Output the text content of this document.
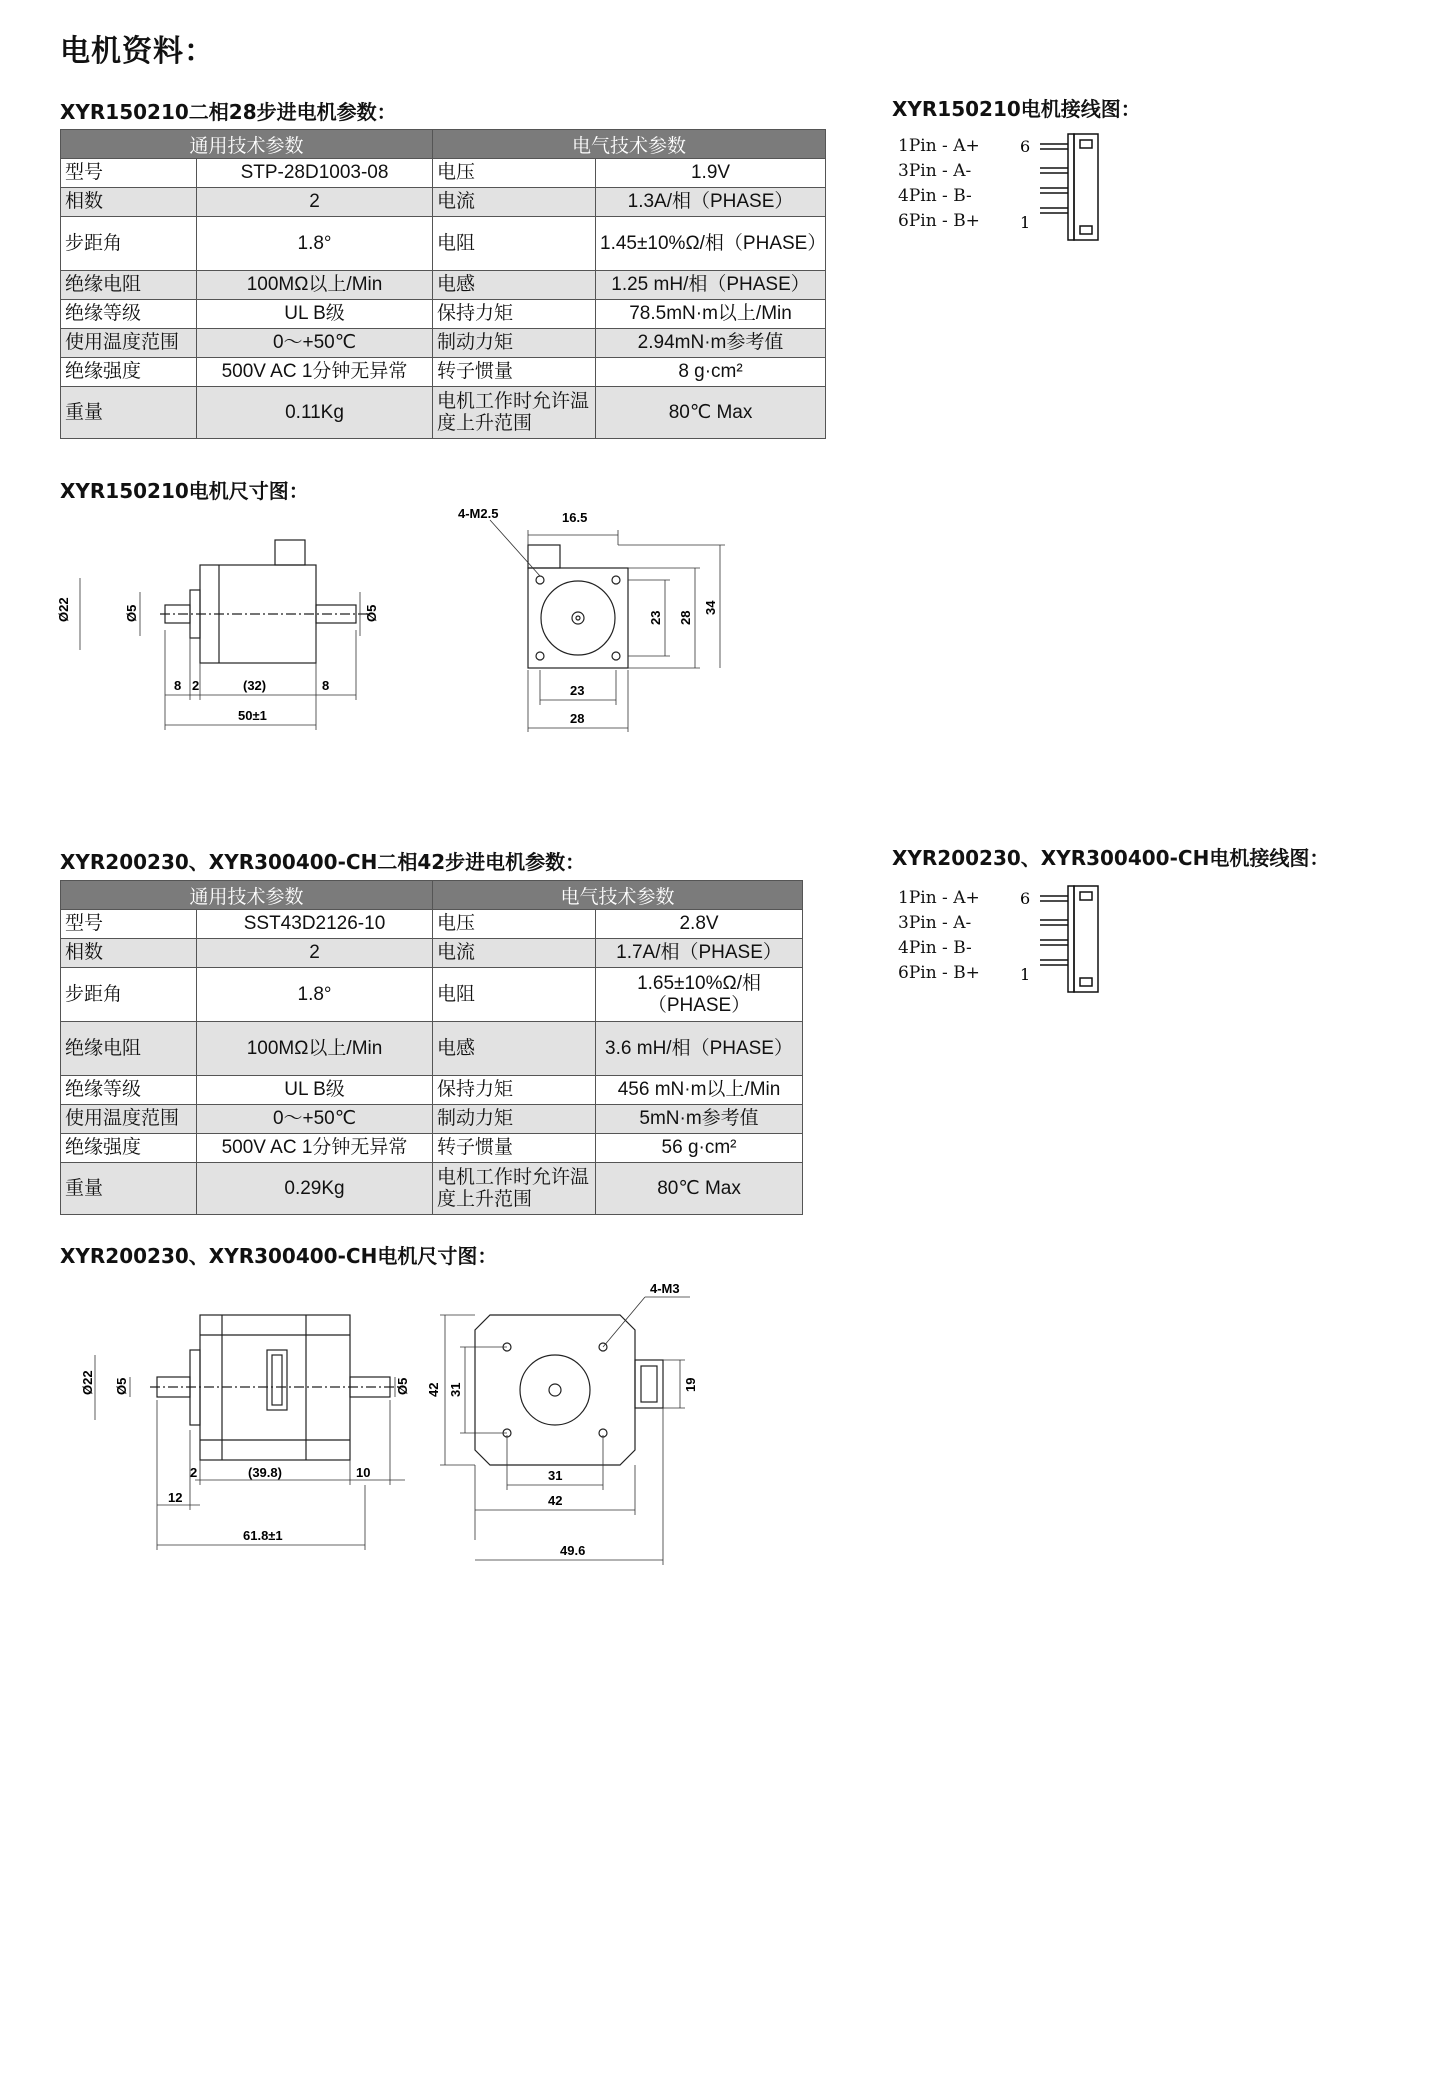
电机资料：
XYR150210二相28步进电机参数：
通用技术参数		电气技术参数	
型号	STP-28D1003-08	电压	1.9V
相数	2	电流	1.3A/相（PHASE）
步距角	1.8°	电阻	1.45±10%Ω/相（PHASE）
绝缘电阻	100MΩ以上/Min	电感	1.25 mH/相（PHASE）
绝缘等级	UL B级	保持力矩	78.5mN·m以上/Min
使用温度范围	0～+50℃	制动力矩	2.94mN·m参考值
绝缘强度	500V AC 1分钟无异常	转子惯量	8 g·cm²
重量	0.11Kg	电机工作时允许温度上升范围	80℃ Max
XYR150210电机接线图：
1Pin - A+
3Pin - A-
4Pin - B-
6Pin - B+
6
1
XYR150210电机尺寸图：
Ø22	Ø5	Ø5
8 2	(32)	8
50±1
4-M2.5	16.5
23 28
34
23
28
XYR200230、XYR300400-CH二相42步进电机参数：
通用技术参数		电气技术参数	
型号	SST43D2126-10	电压	2.8V
相数	2	电流	1.7A/相（PHASE）
步距角	1.8°	电阻	1.65±10%Ω/相（PHASE）
绝缘电阻	100MΩ以上/Min	电感	3.6 mH/相（PHASE）
绝缘等级	UL B级	保持力矩	456 mN·m以上/Min
使用温度范围	0～+50℃	制动力矩	5mN·m参考值
绝缘强度	500V AC 1分钟无异常	转子惯量	56 g·cm²
重量	0.29Kg	电机工作时允许温度上升范围	80℃ Max
XYR200230、XYR300400-CH电机接线图：
1Pin - A+
3Pin - A-
4Pin - B-
6Pin - B+
6
1
XYR200230、XYR300400-CH电机尺寸图：
Ø22 Ø5	Ø5
2	(39.8)	10
12
61.8±1
4-M3
42 31	19
31
42
49.6
